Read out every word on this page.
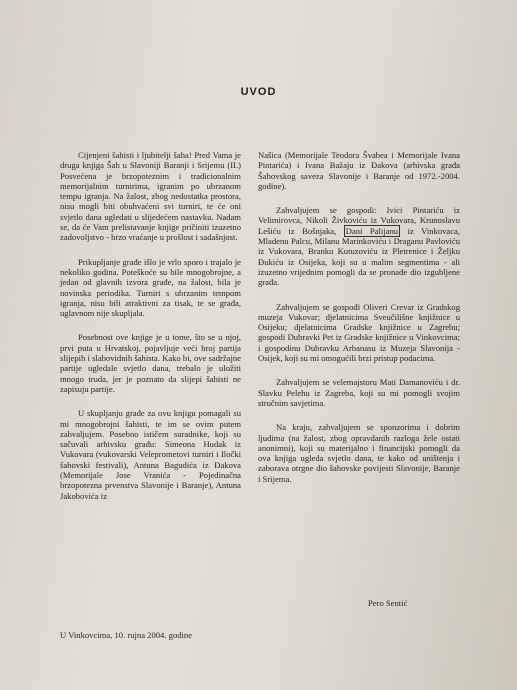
UVOD

Cijenjeni šahisti i ljubitelji šaha! Pred Vama je druga knjiga Šah u Slavoniji Baranji i Srijemu (II.) Posvećena je brzopoteznim i tradicionalnim memorijalnim turnirima, igranim po ubrzanom tempu igranja. Na žalost, zbog nedostatka prostora, nisu mogli biti obuhvaćeni svi turniri, te će oni svjetlo dana ugledati u slijedećem nastavku. Nadam se, da će Vam prelistavanje knjige pričiniti izuzetno zadovoljstvo - brzo vraćanje u prošlost i sadašnjost.

Prikupljanje građe išlo je vrlo sporo i trajalo je nekoliko godina. Poteškoće su bile mnogobrojne, a jedan od glavnih izvora građe, na žalost, bila je novinska periodika. Turniri s ubrzanim tempom igranja, nisu bili atraktivni za tisak, te se građa, uglavnom nije skupljala.

Posebnost ove knjige je u tome, što se u njoj, prvi puta u Hrvatskoj, pojavljuje veći broj partija slijepih i slabovidnih šahista. Kako bi, ove sadržajne partije ugledale svjetlo dana, trebalo je uložiti mnogo truda, jer je poznato da slijepi šahisti ne zapisuju partije.

U skupljanju građe za ovu knjigu pomagali su mi mnogobrojni šahisti, te im se ovim putem zahvaljujem. Posebno ističem suradnike, koji su sačuvali arhivsku građu: Simeona Hudak iz Vukovara (vukovarski Veleprometovi turniri i Iločki šahovski festivali), Antuna Bagudića iz Đakova (Memorijale Jose Vranića - Pojedinačna brzopotezna prvenstva Slavonije i Baranje), Antuna Jakobovića iz

Našica (Memorijale Teodora Švabea i Memorijale Ivana Pintarića) i Ivana Bažaju iz Đakova (arhivska građa Šahovskog saveza Slavonije i Baranje od 1972.-2004. godine).

Zahvaljujem se gospodi: Ivici Pintariću iz Velimirovca, Nikoli Živkoviću iz Vukovara, Krunoslavu Lešiću iz Bošnjaka, Dani Palijanu iz Vinkovaca, Mladenu Palcu, Milanu Marinkoviću i Draganu Pavloviću iz Vukovara, Branku Kutuzoviću iz Pletrenice i Željku Đukiću iz Osijeka, koji su u malim segmentima - ali izuzetno vrijednim pomogli da se pronađe dio izgubljene građa.

Zahvaljujem se gospođi Oliveri Crevar iz Gradskog muzeja Vukovar; djelatnicima Sveučilišne knjižnice u Osijeku; djelatnicima Gradske knjižnice u Zagrebu; gospodi Dubravki Pet iz Gradske knjižnice u Vinkovcima; i gospodinu Dubravku Arbanasu iz Muzeja Slavonija - Osijek, koji su mi omogućili brzi pristup podacima.

Zahvaljujem se velemajstoru Mati Damanoviću i dr. Slavku Pelehu iz Zagreba, koji su mi pomogli svojim stručnim savjetima.

Na kraju, zahvaljujem se sponzorima i dobrim ljudima (na žalost, zbog opravdanih razloga žele ostati anonimni), koji su materijalno i financijski pomogli da ova knjiga ugleda svjetlo dana, te kako od uništenja i zaborava otrgne dio šahovske povijesti Slavonije, Baranje i Srijema.

Pero Sentić
U Vinkovcima, 10. rujna 2004. godine
